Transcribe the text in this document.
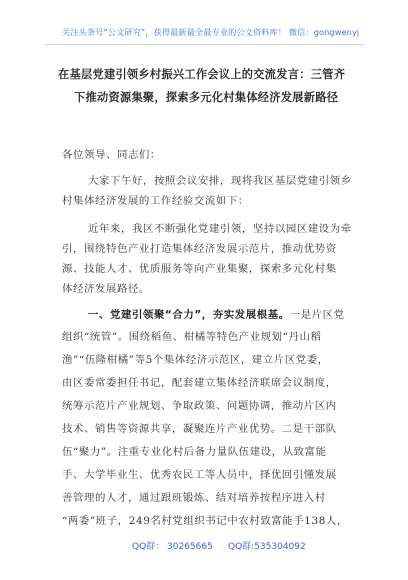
关注头条号“公文研究”，获得最新最全最专业的公文资料库！ 微信：gongwenyj
在基层党建引领乡村振兴工作会议上的交流发言：三管齐
下推动资源集聚，探索多元化村集体经济发展新路径
各位领导、同志们：
大家下午好，按照会议安排，现将我区基层党建引领乡
村集体经济发展的工作经验交流如下：
近年来，我区不断强化党建引领，坚持以园区建设为牵
引，围绕特色产业打造集体经济发展示范片，推动优势资
源、技能人才、优质服务等向产业集聚，探索多元化村集
体经济发展路径。
一、党建引领聚“合力”，夯实发展根基。一是片区党
组织“统管”。围绕稻鱼、柑橘等特色产业规划“丹山稻
渔”“伍隆柑橘”等5个集体经济示范区，建立片区党委，
由区委常委担任书记，配套建立集体经济联席会议制度，
统筹示范片产业规划、争取政策、问题协调，推动片区内
技术、销售等资源共享，凝聚连片产业优势。二是干部队
伍“聚力”。注重专业化村后备力量队伍建设，从致富能
手、大学毕业生、优秀农民工等人员中，择优回引懂发展
善管理的人才，通过跟班锻炼、结对培养按程序进入村
“两委”班子，249名村党组织书记中农村致富能手138人，
QQ群： 30265665 QQ群:535304092
